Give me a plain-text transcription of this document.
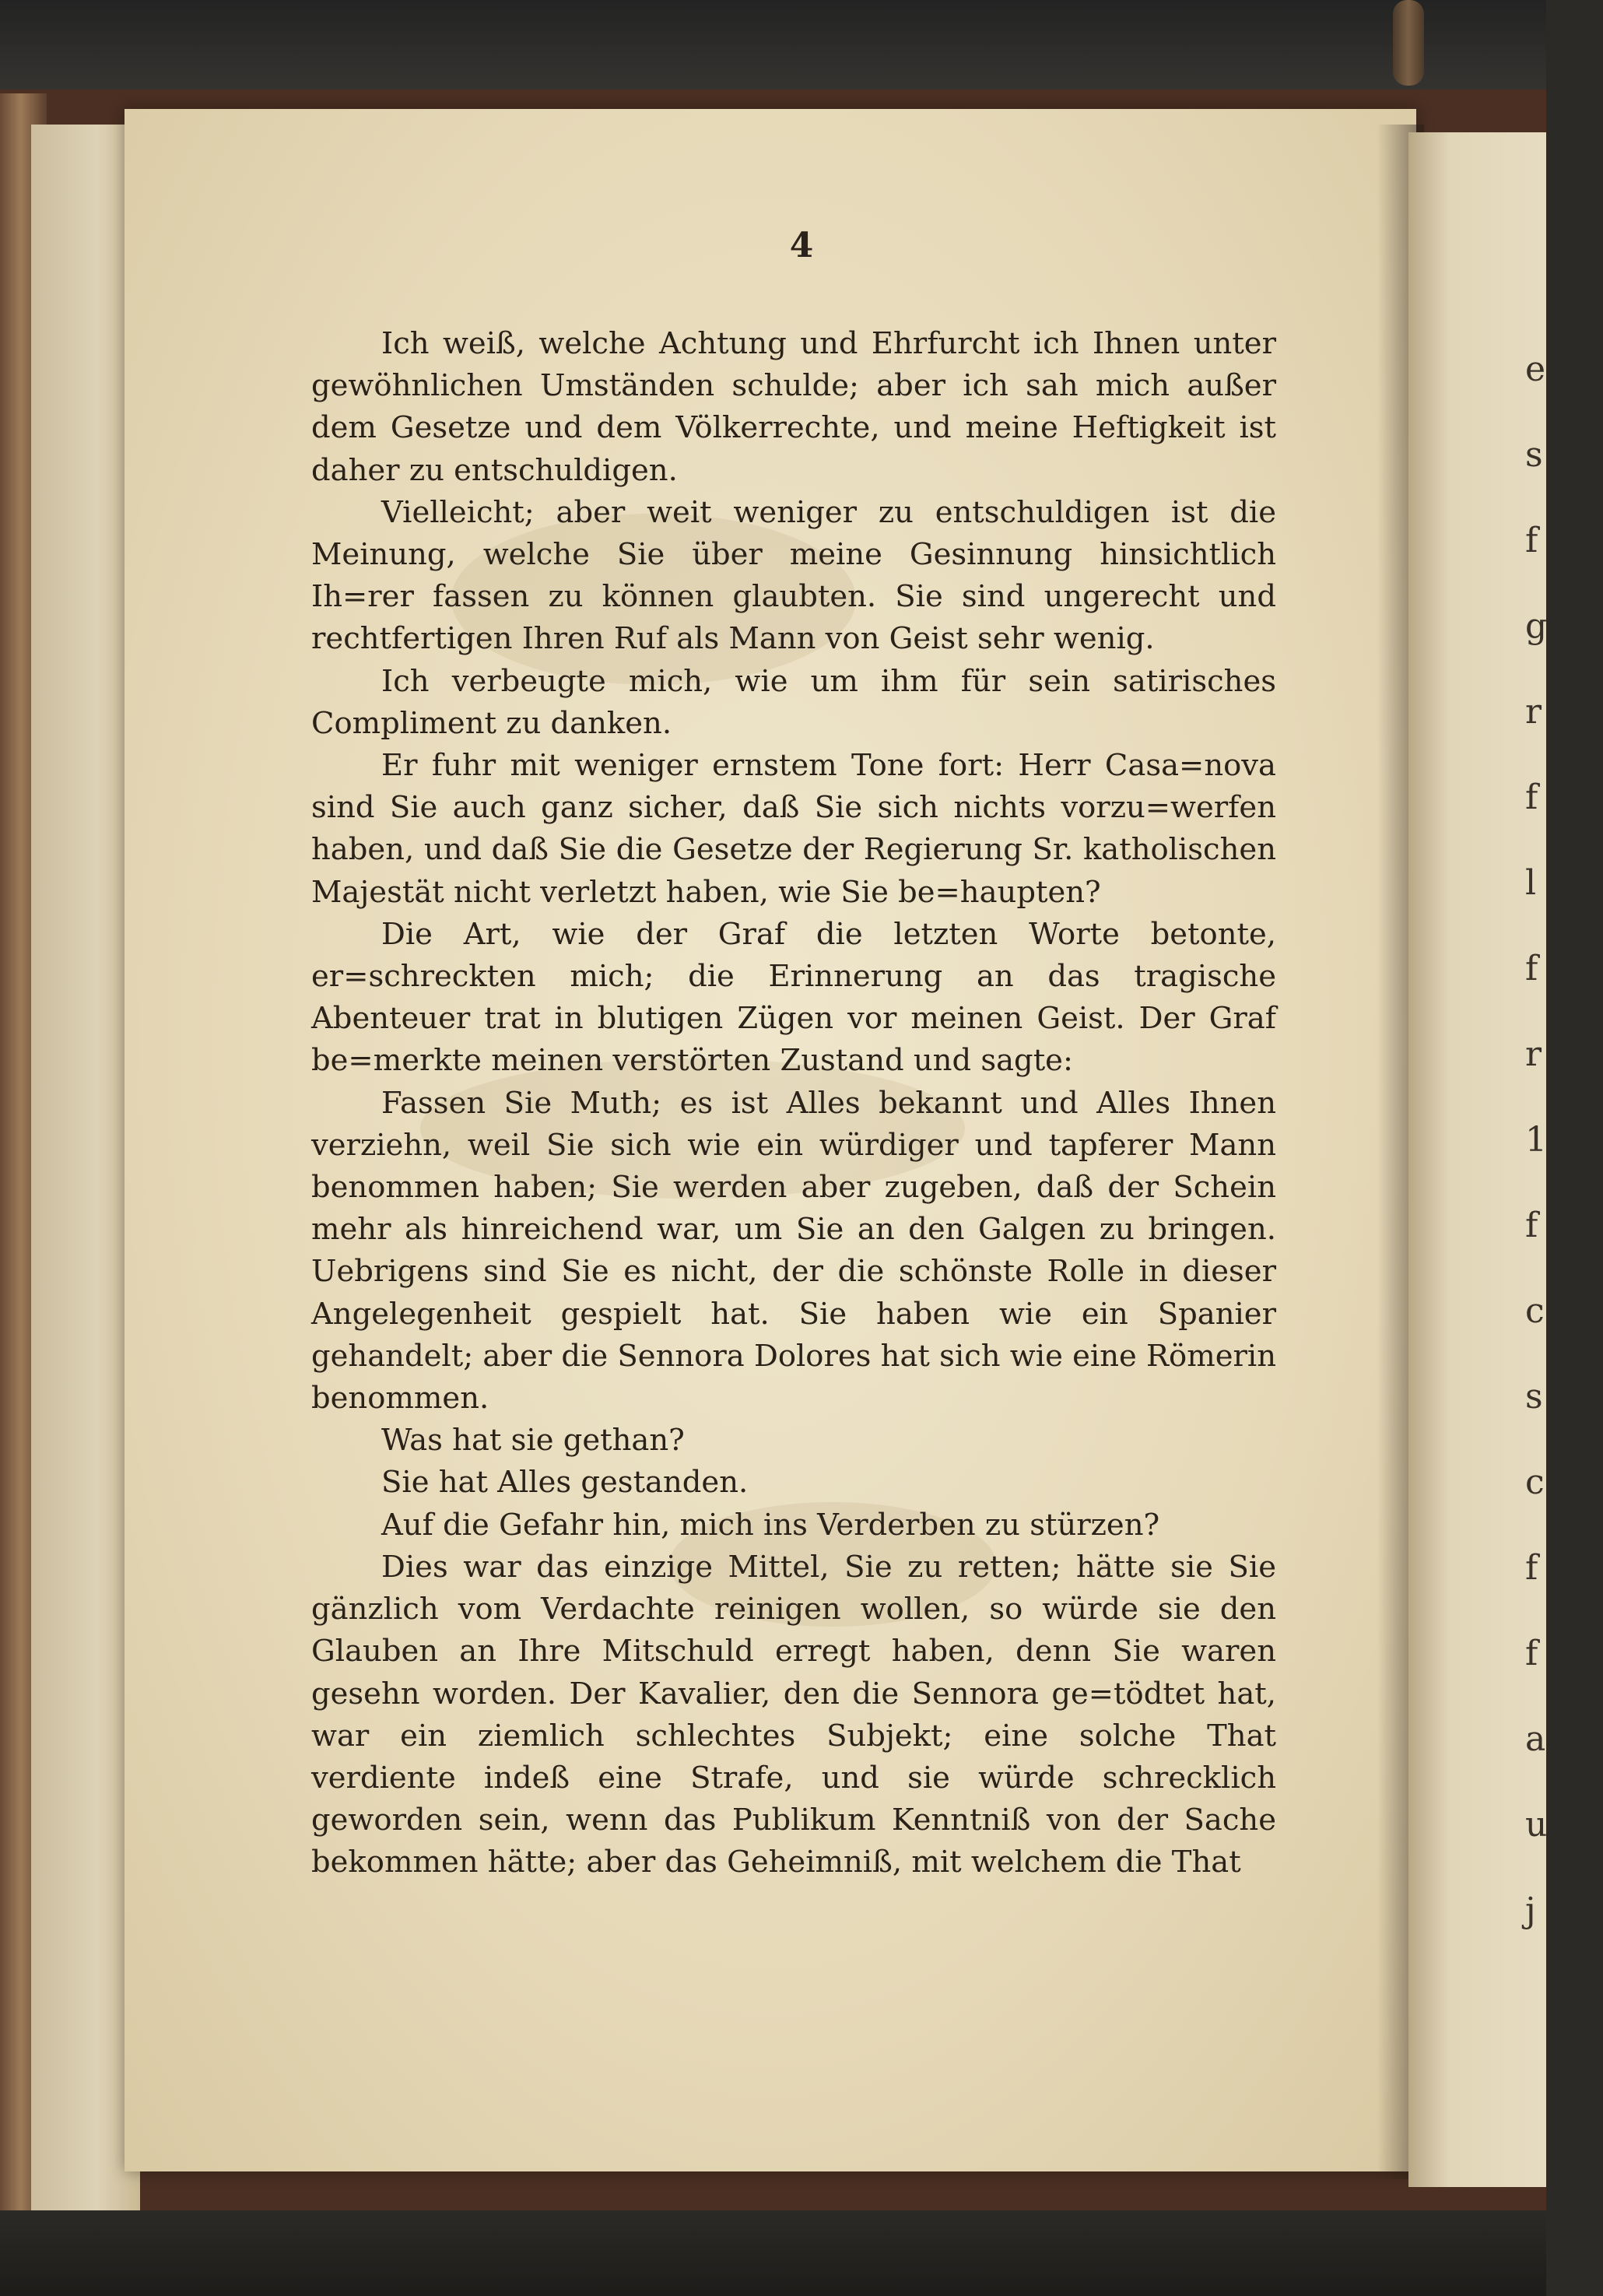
e s f g r f l f r 1 f c s c f f a u j
4

Ich weiß, welche Achtung und Ehrfurcht ich Ihnen unter gewöhnlichen Umständen schulde; aber ich sah mich außer dem Gesetze und dem Völkerrechte, und meine Heftigkeit ist daher zu entschuldigen.

Vielleicht; aber weit weniger zu entschuldigen ist die Meinung, welche Sie über meine Gesinnung hinsichtlich Ih=rer fassen zu können glaubten. Sie sind ungerecht und rechtfertigen Ihren Ruf als Mann von Geist sehr wenig.

Ich verbeugte mich, wie um ihm für sein satirisches Compliment zu danken.

Er fuhr mit weniger ernstem Tone fort: Herr Casa=nova sind Sie auch ganz sicher, daß Sie sich nichts vorzu=werfen haben, und daß Sie die Gesetze der Regierung Sr. katholischen Majestät nicht verletzt haben, wie Sie be=haupten?

Die Art, wie der Graf die letzten Worte betonte, er=schreckten mich; die Erinnerung an das tragische Abenteuer trat in blutigen Zügen vor meinen Geist. Der Graf be=merkte meinen verstörten Zustand und sagte:

Fassen Sie Muth; es ist Alles bekannt und Alles Ihnen verziehn, weil Sie sich wie ein würdiger und tapferer Mann benommen haben; Sie werden aber zugeben, daß der Schein mehr als hinreichend war, um Sie an den Galgen zu bringen. Uebrigens sind Sie es nicht, der die schönste Rolle in dieser Angelegenheit gespielt hat. Sie haben wie ein Spanier gehandelt; aber die Sennora Dolores hat sich wie eine Römerin benommen.

Was hat sie gethan?

Sie hat Alles gestanden.

Auf die Gefahr hin, mich ins Verderben zu stürzen?

Dies war das einzige Mittel, Sie zu retten; hätte sie Sie gänzlich vom Verdachte reinigen wollen, so würde sie den Glauben an Ihre Mitschuld erregt haben, denn Sie waren gesehn worden. Der Kavalier, den die Sennora ge=tödtet hat, war ein ziemlich schlechtes Subjekt; eine solche That verdiente indeß eine Strafe, und sie würde schrecklich geworden sein, wenn das Publikum Kenntniß von der Sache bekommen hätte; aber das Geheimniß, mit welchem die That
